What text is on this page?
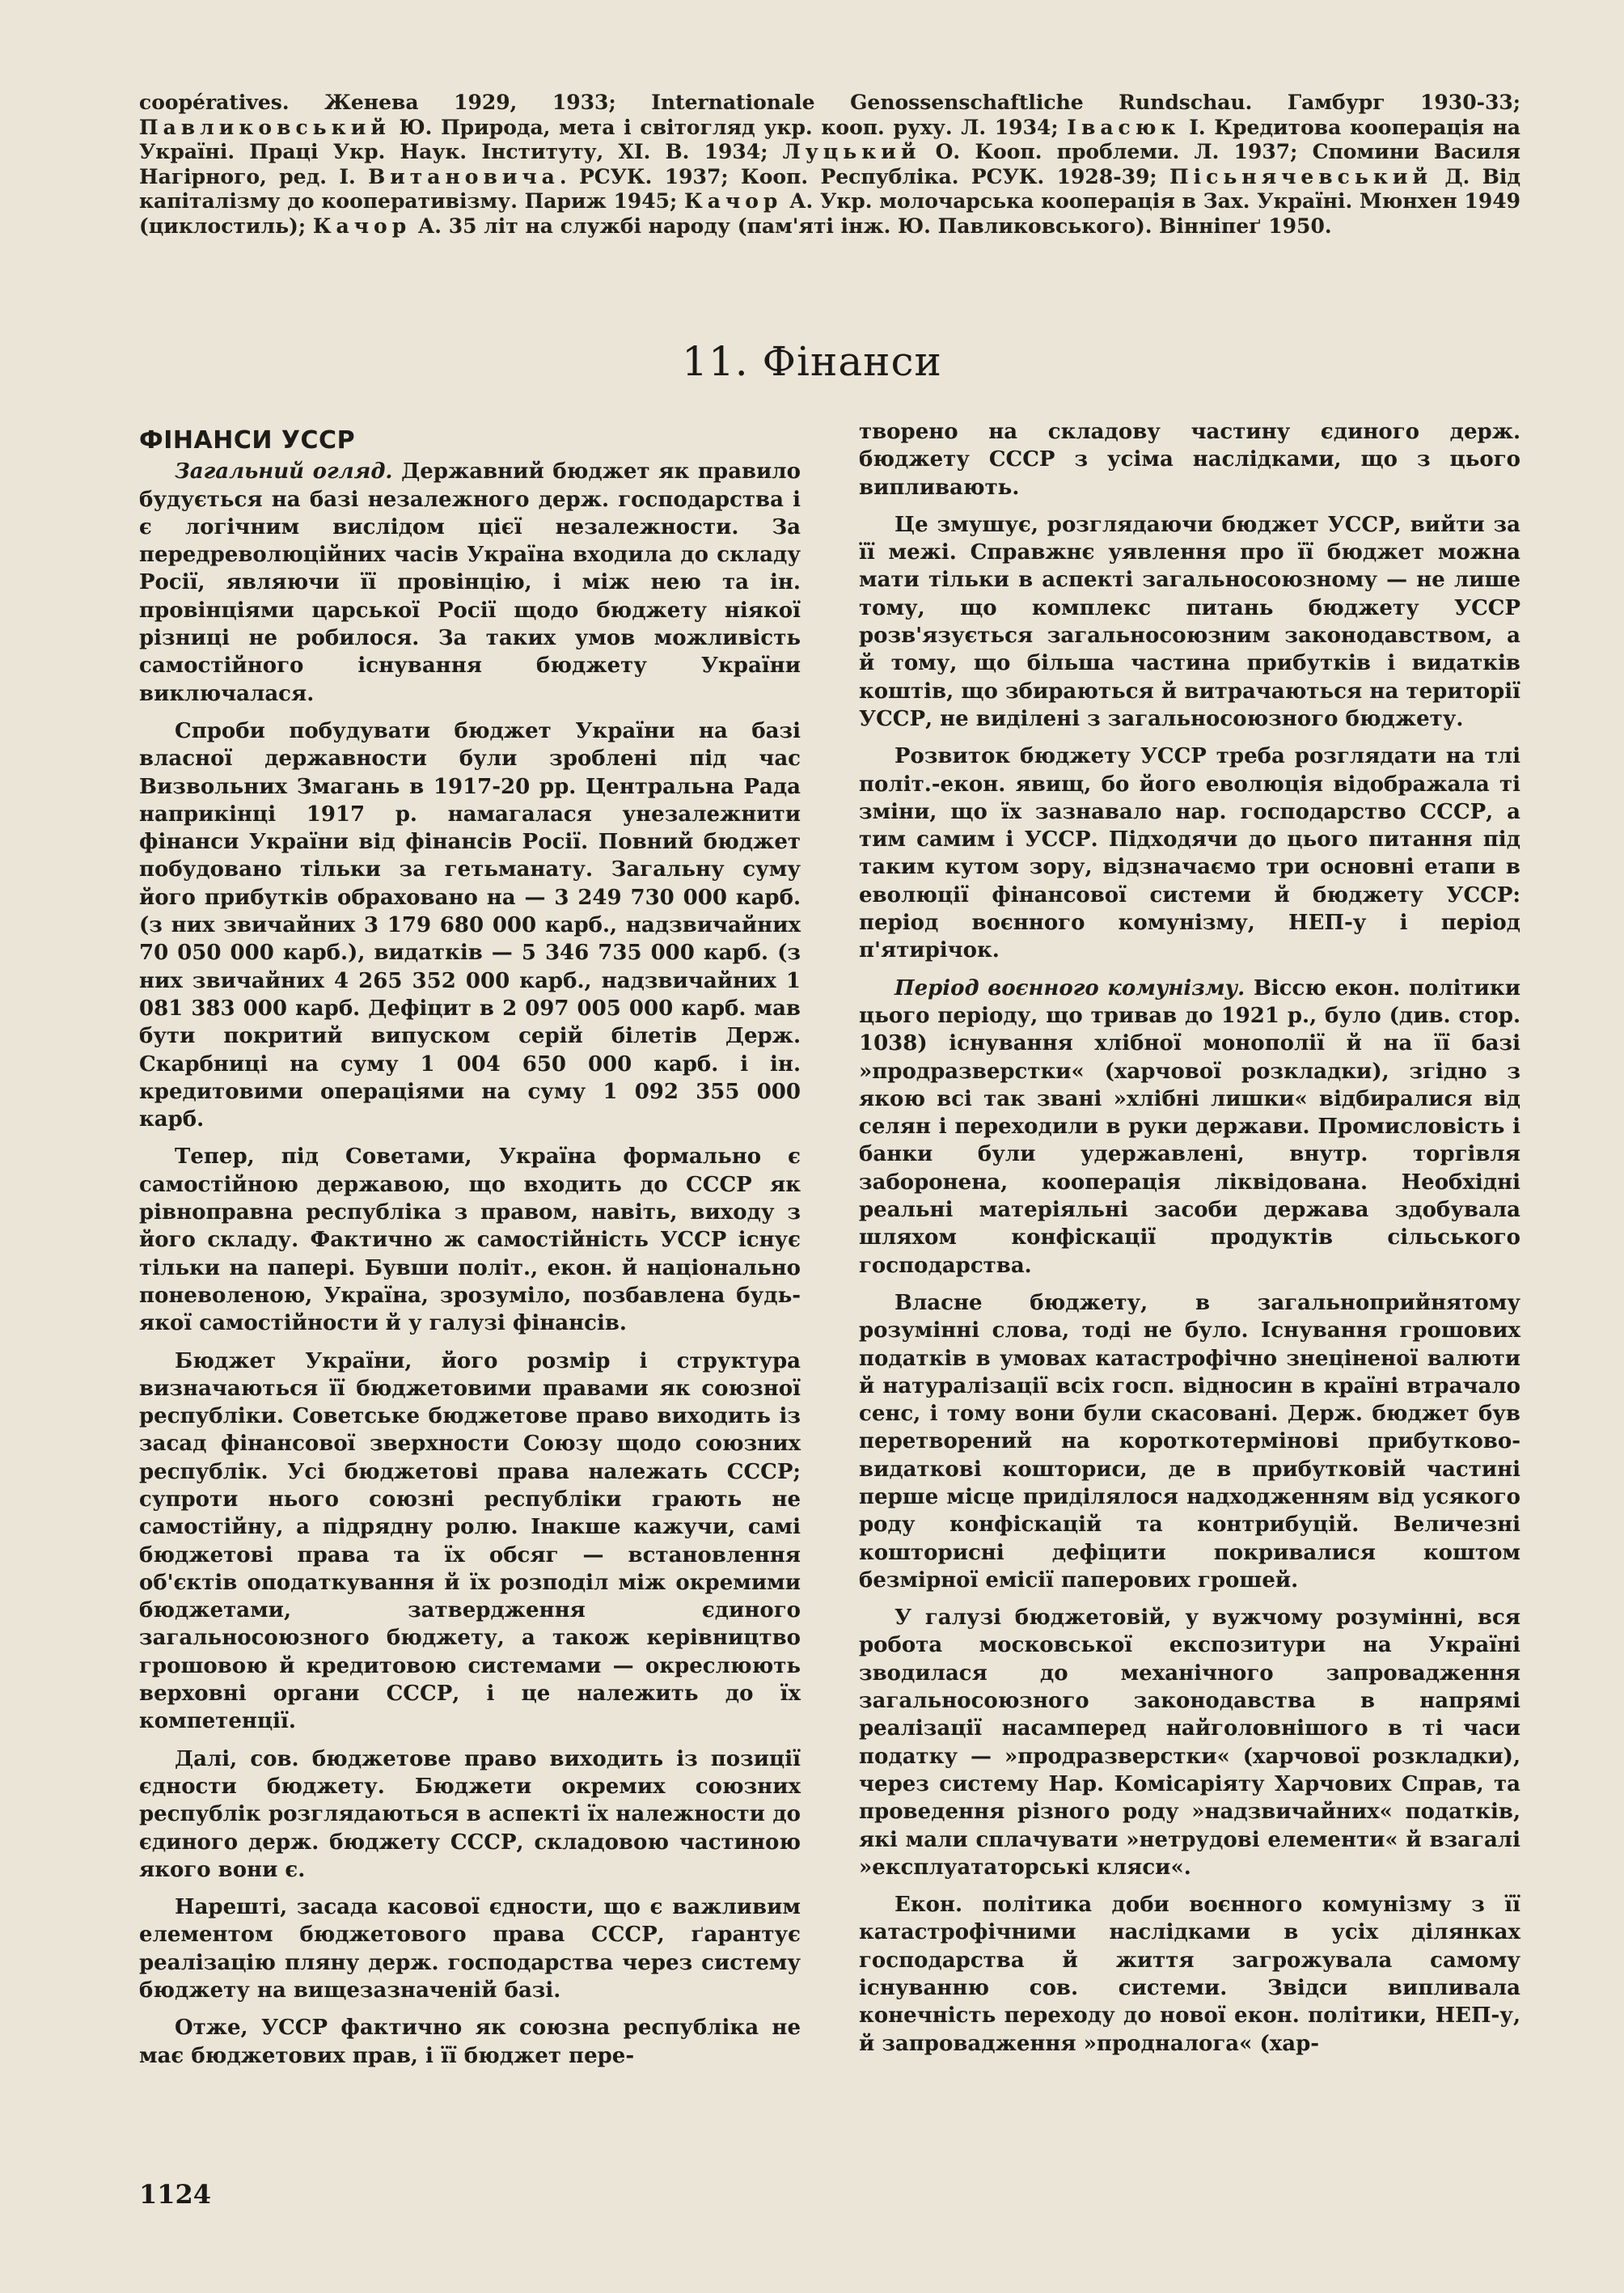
coopératives. Женева 1929, 1933; Internationale Genossenschaftliche Rundschau. Гамбург 1930-33; Павликовський Ю. Природа, мета і світогляд укр. кооп. руху. Л. 1934; Івасюк І. Кредитова кооперація на Україні. Праці Укр. Наук. Інституту, XI. В. 1934; Луцький О. Кооп. проблеми. Л. 1937; Спомини Василя Нагірного, ред. І. Витановича. РСУК. 1937; Кооп. Республіка. РСУК. 1928-39; Пісьнячевський Д. Від капіталізму до кооперативізму. Париж 1945; Качор А. Укр. молочарська кооперація в Зах. Україні. Мюнхен 1949 (циклостиль); Качор А. 35 літ на службі народу (пам'яті інж. Ю. Павликовського). Вінніпеґ 1950.
11. Фінанси
ФІНАНСИ УССР

Загальний огляд. Державний бюджет як правило будується на базі незалежного держ. господарства і є логічним вислідом цієї незалежности. За передреволюційних часів Україна входила до складу Росії, являючи її провінцію, і між нею та ін. провінціями царської Росії щодо бюджету ніякої різниці не робилося. За таких умов можливість самостійного існування бюджету України виключалася.

Спроби побудувати бюджет України на базі власної державности були зроблені під час Визвольних Змагань в 1917-20 рр. Центральна Рада наприкінці 1917 р. намагалася унезалежнити фінанси України від фінансів Росії. Повний бюджет побудовано тільки за гетьманату. Загальну суму його прибутків обраховано на — 3 249 730 000 карб. (з них звичайних 3 179 680 000 карб., надзвичайних 70 050 000 карб.), видатків — 5 346 735 000 карб. (з них звичайних 4 265 352 000 карб., надзвичайних 1 081 383 000 карб. Дефіцит в 2 097 005 000 карб. мав бути покритий випуском серій білетів Держ. Скарбниці на суму 1 004 650 000 карб. і ін. кредитовими операціями на суму 1 092 355 000 карб.

Тепер, під Советами, Україна формально є самостійною державою, що входить до СССР як рівноправна республіка з правом, навіть, виходу з його складу. Фактично ж самостійність УССР існує тільки на папері. Бувши політ., екон. й національно поневоленою, Україна, зрозуміло, позбавлена будь-якої самостійности й у галузі фінансів.

Бюджет України, його розмір і структура визначаються її бюджетовими правами як союзної республіки. Советське бюджетове право виходить із засад фінансової зверхности Союзу щодо союзних республік. Усі бюджетові права належать СССР; супроти нього союзні республіки грають не самостійну, а підрядну ролю. Інакше кажучи, самі бюджетові права та їх обсяг — встановлення об'єктів оподаткування й їх розподіл між окремими бюджетами, затвердження єдиного загальносоюзного бюджету, а також керівництво грошовою й кредитовою системами — окреслюють верховні органи СССР, і це належить до їх компетенції.

Далі, сов. бюджетове право виходить із позиції єдности бюджету. Бюджети окремих союзних республік розглядаються в аспекті їх належности до єдиного держ. бюджету СССР, складовою частиною якого вони є.

Нарешті, засада касової єдности, що є важливим елементом бюджетового права СССР, ґарантує реалізацію пляну держ. господарства через систему бюджету на вищезазначеній базі.

Отже, УССР фактично як союзна республіка не має бюджетових прав, і її бюджет пере-

творено на складову частину єдиного держ. бюджету СССР з усіма наслідками, що з цього випливають.

Це змушує, розглядаючи бюджет УССР, вийти за її межі. Справжнє уявлення про її бюджет можна мати тільки в аспекті загальносоюзному — не лише тому, що комплекс питань бюджету УССР розв'язується загальносоюзним законодавством, а й тому, що більша частина прибутків і видатків коштів, що збираються й витрачаються на території УССР, не виділені з загальносоюзного бюджету.

Розвиток бюджету УССР треба розглядати на тлі політ.-екон. явищ, бо його еволюція відображала ті зміни, що їх зазнавало нар. господарство СССР, а тим самим і УССР. Підходячи до цього питання під таким кутом зору, відзначаємо три основні етапи в еволюції фінансової системи й бюджету УССР: період воєнного комунізму, НЕП-у і період п'ятирічок.

Період воєнного комунізму. Віссю екон. політики цього періоду, що тривав до 1921 р., було (див. стор. 1038) існування хлібної монополії й на її базі »продразверстки« (харчової розкладки), згідно з якою всі так звані »хлібні лишки« відбиралися від селян і переходили в руки держави. Промисловість і банки були удержавлені, внутр. торгівля заборонена, кооперація ліквідована. Необхідні реальні матеріяльні засоби держава здобувала шляхом конфіскації продуктів сільського господарства.

Власне бюджету, в загальноприйнятому розумінні слова, тоді не було. Існування грошових податків в умовах катастрофічно знеціненої валюти й натуралізації всіх госп. відносин в країні втрачало сенс, і тому вони були скасовані. Держ. бюджет був перетворений на короткотермінові прибутково-видаткові кошториси, де в прибутковій частині перше місце приділялося надходженням від усякого роду конфіскацій та контрибуцій. Величезні кошторисні дефіцити покривалися коштом безмірної емісії паперових грошей.

У галузі бюджетовій, у вужчому розумінні, вся робота московської експозитури на Україні зводилася до механічного запровадження загальносоюзного законодавства в напрямі реалізації насамперед найголовнішого в ті часи податку — »продразверстки« (харчової розкладки), через систему Нар. Комісаріяту Харчових Справ, та проведення різного роду »надзвичайних« податків, які мали сплачувати »нетрудові елементи« й взагалі »експлуататорські кляси«.

Екон. політика доби воєнного комунізму з її катастрофічними наслідками в усіх ділянках господарства й життя загрожувала самому існуванню сов. системи. Звідси випливала конечність переходу до нової екон. політики, НЕП-у, й запровадження »продналога« (хар-

1124
